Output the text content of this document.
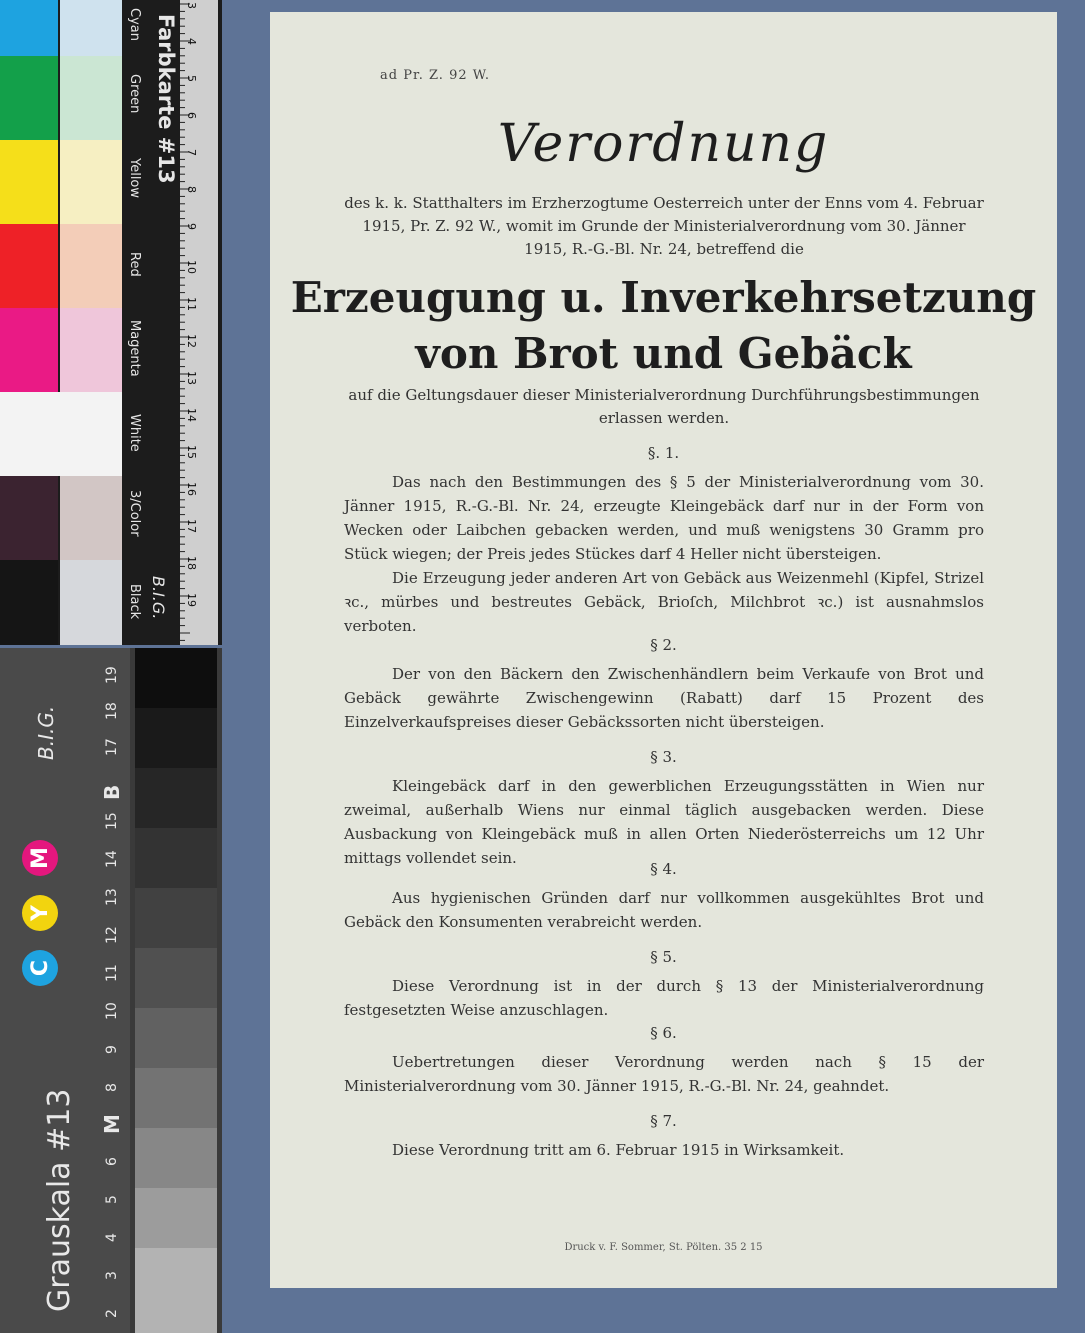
Farbkarte #13
Cyan
Green
Yellow
Red
Magenta
White
3/Color
Black B.I.G.
3
4
5
6
7
8
9
10
11
12
13
14
15
16
17
18
19
Grauskala #13
B.I.G.
C
Y
M
2
3
4
5
6
M
8
9
10
11
12
13
14
15
B
17
18
19
ad Pr. Z. 92 W.
Verordnung
des k. k. Statthalters im Erzherzogtume Oesterreich unter der Enns vom 4. Februar 1915, Pr. Z. 92 W., womit im Grunde der Ministerialverordnung vom 30. Jänner 1915, R.-G.-Bl. Nr. 24, betreffend die
Erzeugung u. Inverkehrsetzung
von Brot und Gebäck
auf die Geltungsdauer dieser Ministerialverordnung Durchführungsbestimmungen erlassen werden.
§. 1.
Das nach den Bestimmungen des § 5 der Ministerialverordnung vom 30. Jänner 1915, R.-G.-Bl. Nr. 24, erzeugte Kleingebäck darf nur in der Form von Wecken oder Laibchen gebacken werden, und muß wenigstens 30 Gramm pro Stück wiegen; der Preis jedes Stückes darf 4 Heller nicht übersteigen.
Die Erzeugung jeder anderen Art von Gebäck aus Weizenmehl (Kipfel, Strizel ꝛc., mürbes und bestreutes Gebäck, Brioſch, Milchbrot ꝛc.) ist ausnahmslos verboten.
§ 2.
Der von den Bäckern den Zwischenhändlern beim Verkaufe von Brot und Gebäck gewährte Zwischengewinn (Rabatt) darf 15 Prozent des Einzelverkaufspreises dieser Gebäckssorten nicht übersteigen.
§ 3.
Kleingebäck darf in den gewerblichen Erzeugungsstätten in Wien nur zweimal, außerhalb Wiens nur einmal täglich ausgebacken werden. Diese Ausbackung von Kleingebäck muß in allen Orten Niederösterreichs um 12 Uhr mittags vollendet sein.
§ 4.
Aus hygienischen Gründen darf nur vollkommen ausgekühltes Brot und Gebäck den Konsumenten verabreicht werden.
§ 5.
Diese Verordnung ist in der durch § 13 der Ministerialverordnung festgesetzten Weise anzuschlagen.
§ 6.
Uebertretungen dieser Verordnung werden nach § 15 der Ministerialverordnung vom 30. Jänner 1915, R.-G.-Bl. Nr. 24, geahndet.
§ 7.
Diese Verordnung tritt am 6. Februar 1915 in Wirksamkeit.
Druck v. F. Sommer, St. Pölten. 35 2 15
